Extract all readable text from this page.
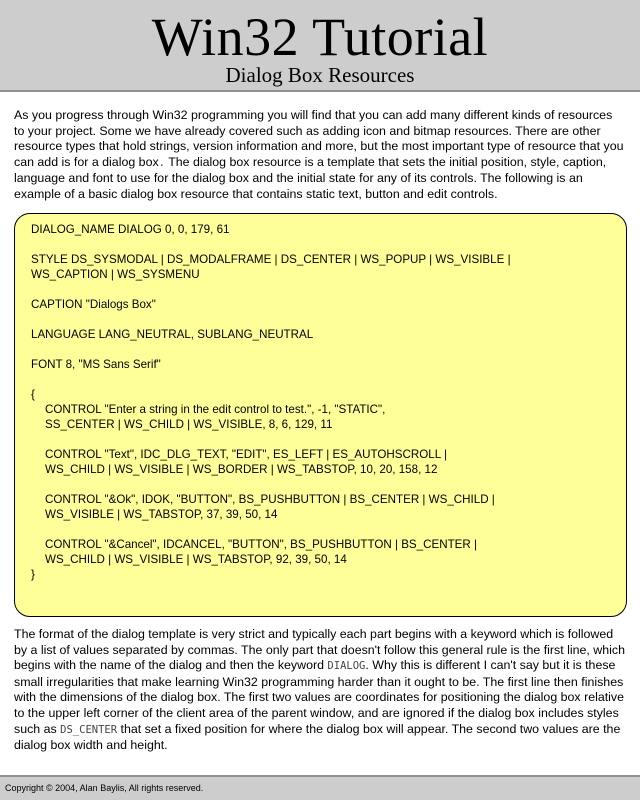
Win32 Tutorial
Dialog Box Resources

As you progress through Win32 programming you will find that you can add many different kinds of resources to your project. Some we have already covered such as adding icon and bitmap resources. There are other resource types that hold strings, version information and more, but the most important type of resource that you can add is for a dialog box. The dialog box resource is a template that sets the initial position, style, caption, language and font to use for the dialog box and the initial state for any of its controls. The following is an example of a basic dialog box resource that contains static text, button and edit controls.

DIALOG_NAME DIALOG 0, 0, 179, 61
STYLE DS_SYSMODAL | DS_MODALFRAME | DS_CENTER | WS_POPUP | WS_VISIBLE |
WS_CAPTION | WS_SYSMENU
CAPTION "Dialogs Box"
LANGUAGE LANG_NEUTRAL, SUBLANG_NEUTRAL
FONT 8, "MS Sans Serif"
{
CONTROL "Enter a string in the edit control to test.", -1, "STATIC",
SS_CENTER | WS_CHILD | WS_VISIBLE, 8, 6, 129, 11
CONTROL "Text", IDC_DLG_TEXT, "EDIT", ES_LEFT | ES_AUTOHSCROLL |
WS_CHILD | WS_VISIBLE | WS_BORDER | WS_TABSTOP, 10, 20, 158, 12
CONTROL "&Ok", IDOK, "BUTTON", BS_PUSHBUTTON | BS_CENTER | WS_CHILD |
WS_VISIBLE | WS_TABSTOP, 37, 39, 50, 14
CONTROL "&Cancel", IDCANCEL, "BUTTON", BS_PUSHBUTTON | BS_CENTER |
WS_CHILD | WS_VISIBLE | WS_TABSTOP, 92, 39, 50, 14
}

The format of the dialog template is very strict and typically each part begins with a keyword which is followed by a list of values separated by commas. The only part that doesn't follow this general rule is the first line, which begins with the name of the dialog and then the keyword DIALOG. Why this is different I can't say but it is these small irregularities that make learning Win32 programming harder than it ought to be. The first line then finishes with the dimensions of the dialog box. The first two values are coordinates for positioning the dialog box relative to the upper left corner of the client area of the parent window, and are ignored if the dialog box includes styles such as DS_CENTER that set a fixed position for where the dialog box will appear. The second two values are the dialog box width and height.

Copyright © 2004, Alan Baylis, All rights reserved.
